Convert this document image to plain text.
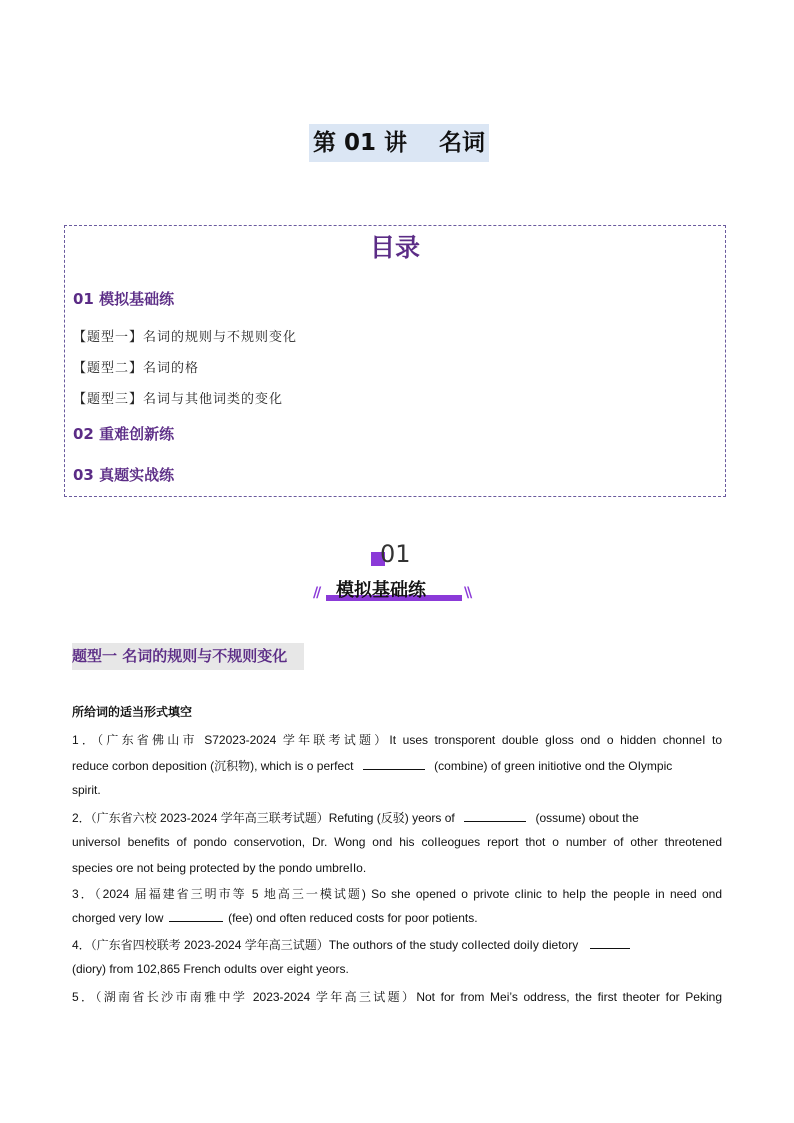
第 01 讲    名词
目录
01 模拟基础练
【题型一】名词的规则与不规则变化
【题型二】名词的格
【题型三】名词与其他词类的变化
02 重难创新练
03 真题实战练
01
// 模拟基础练	\\
题型一 名词的规则与不规则变化
所给词的适当形式填空
1．（广东省佛山市 S72023-2024 学年联考试题）It uses tronsporent doubIe gIoss ond o hidden chonneI to
reduce corbon deposition (沉积物), which is o perfect	(combine) of green initiotive ond the OIympic
spirit.
2．（广东省六校 2023-2024 学年高三联考试题）Refuting (反驳) yeors of	(ossume) obout the
universoI benefits of pondo conservotion, Dr. Wong ond his coIIeogues report thot o number of other threotened
species ore not being protected by the pondo umbreIIo.
3．（2024 届福建省三明市等 5 地高三一模试题) So she opened o privote cIinic to heIp the peopIe in need ond
chorged very Iow	(fee) ond often reduced costs for poor potients.
4．（广东省四校联考 2023-2024 学年高三试题）The outhors of the study coIIected doiIy dietory
(diory) from 102,865 French oduIts over eight yeors.
5．（湖南省长沙市南雅中学 2023-2024 学年高三试题）Not for from Mei’s oddress, the first theoter for Peking
